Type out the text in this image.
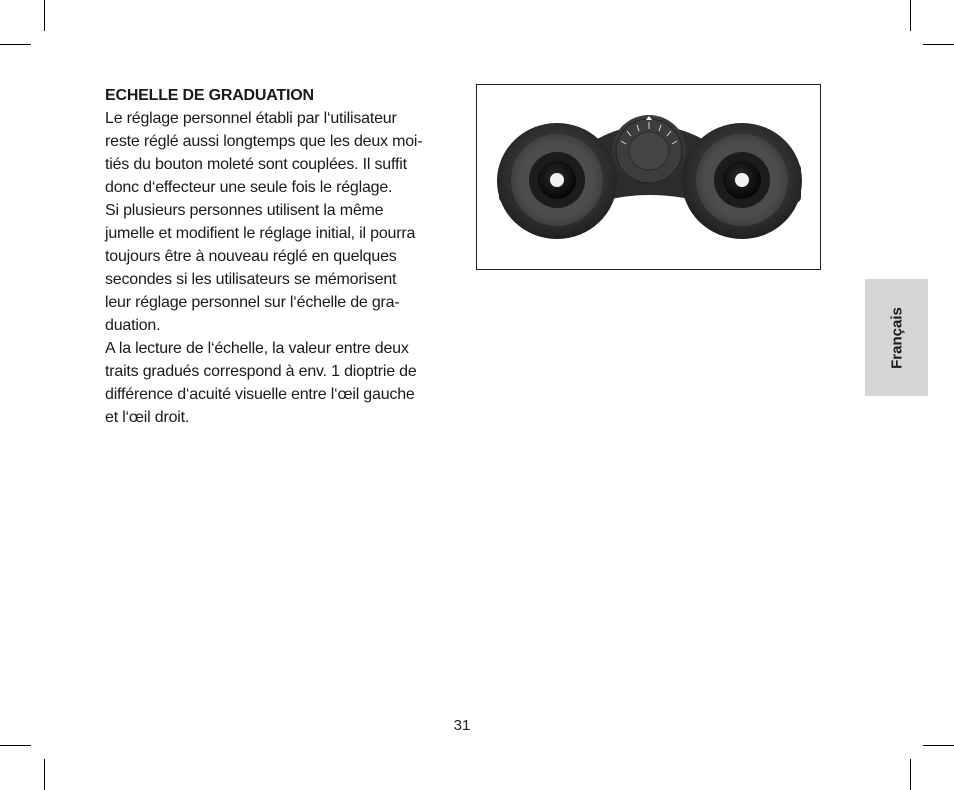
ECHELLE DE GRADUATION
Le réglage personnel établi par l‘utilisateur
reste réglé aussi longtemps que les deux moi-
tiés du bouton moleté sont couplées. Il suffit
donc d‘effecteur une seule fois le réglage.
Si plusieurs personnes utilisent la même
jumelle et modifient le réglage initial, il pourra
toujours être à nouveau réglé en quelques
secondes si les utilisateurs se mémorisent
leur réglage personnel sur l‘échelle de gra-
duation.
A la lecture de l‘échelle, la valeur entre deux
traits gradués correspond à env. 1 dioptrie de
différence d‘acuité visuelle entre l‘œil gauche
et l‘œil droit.
Français
31
